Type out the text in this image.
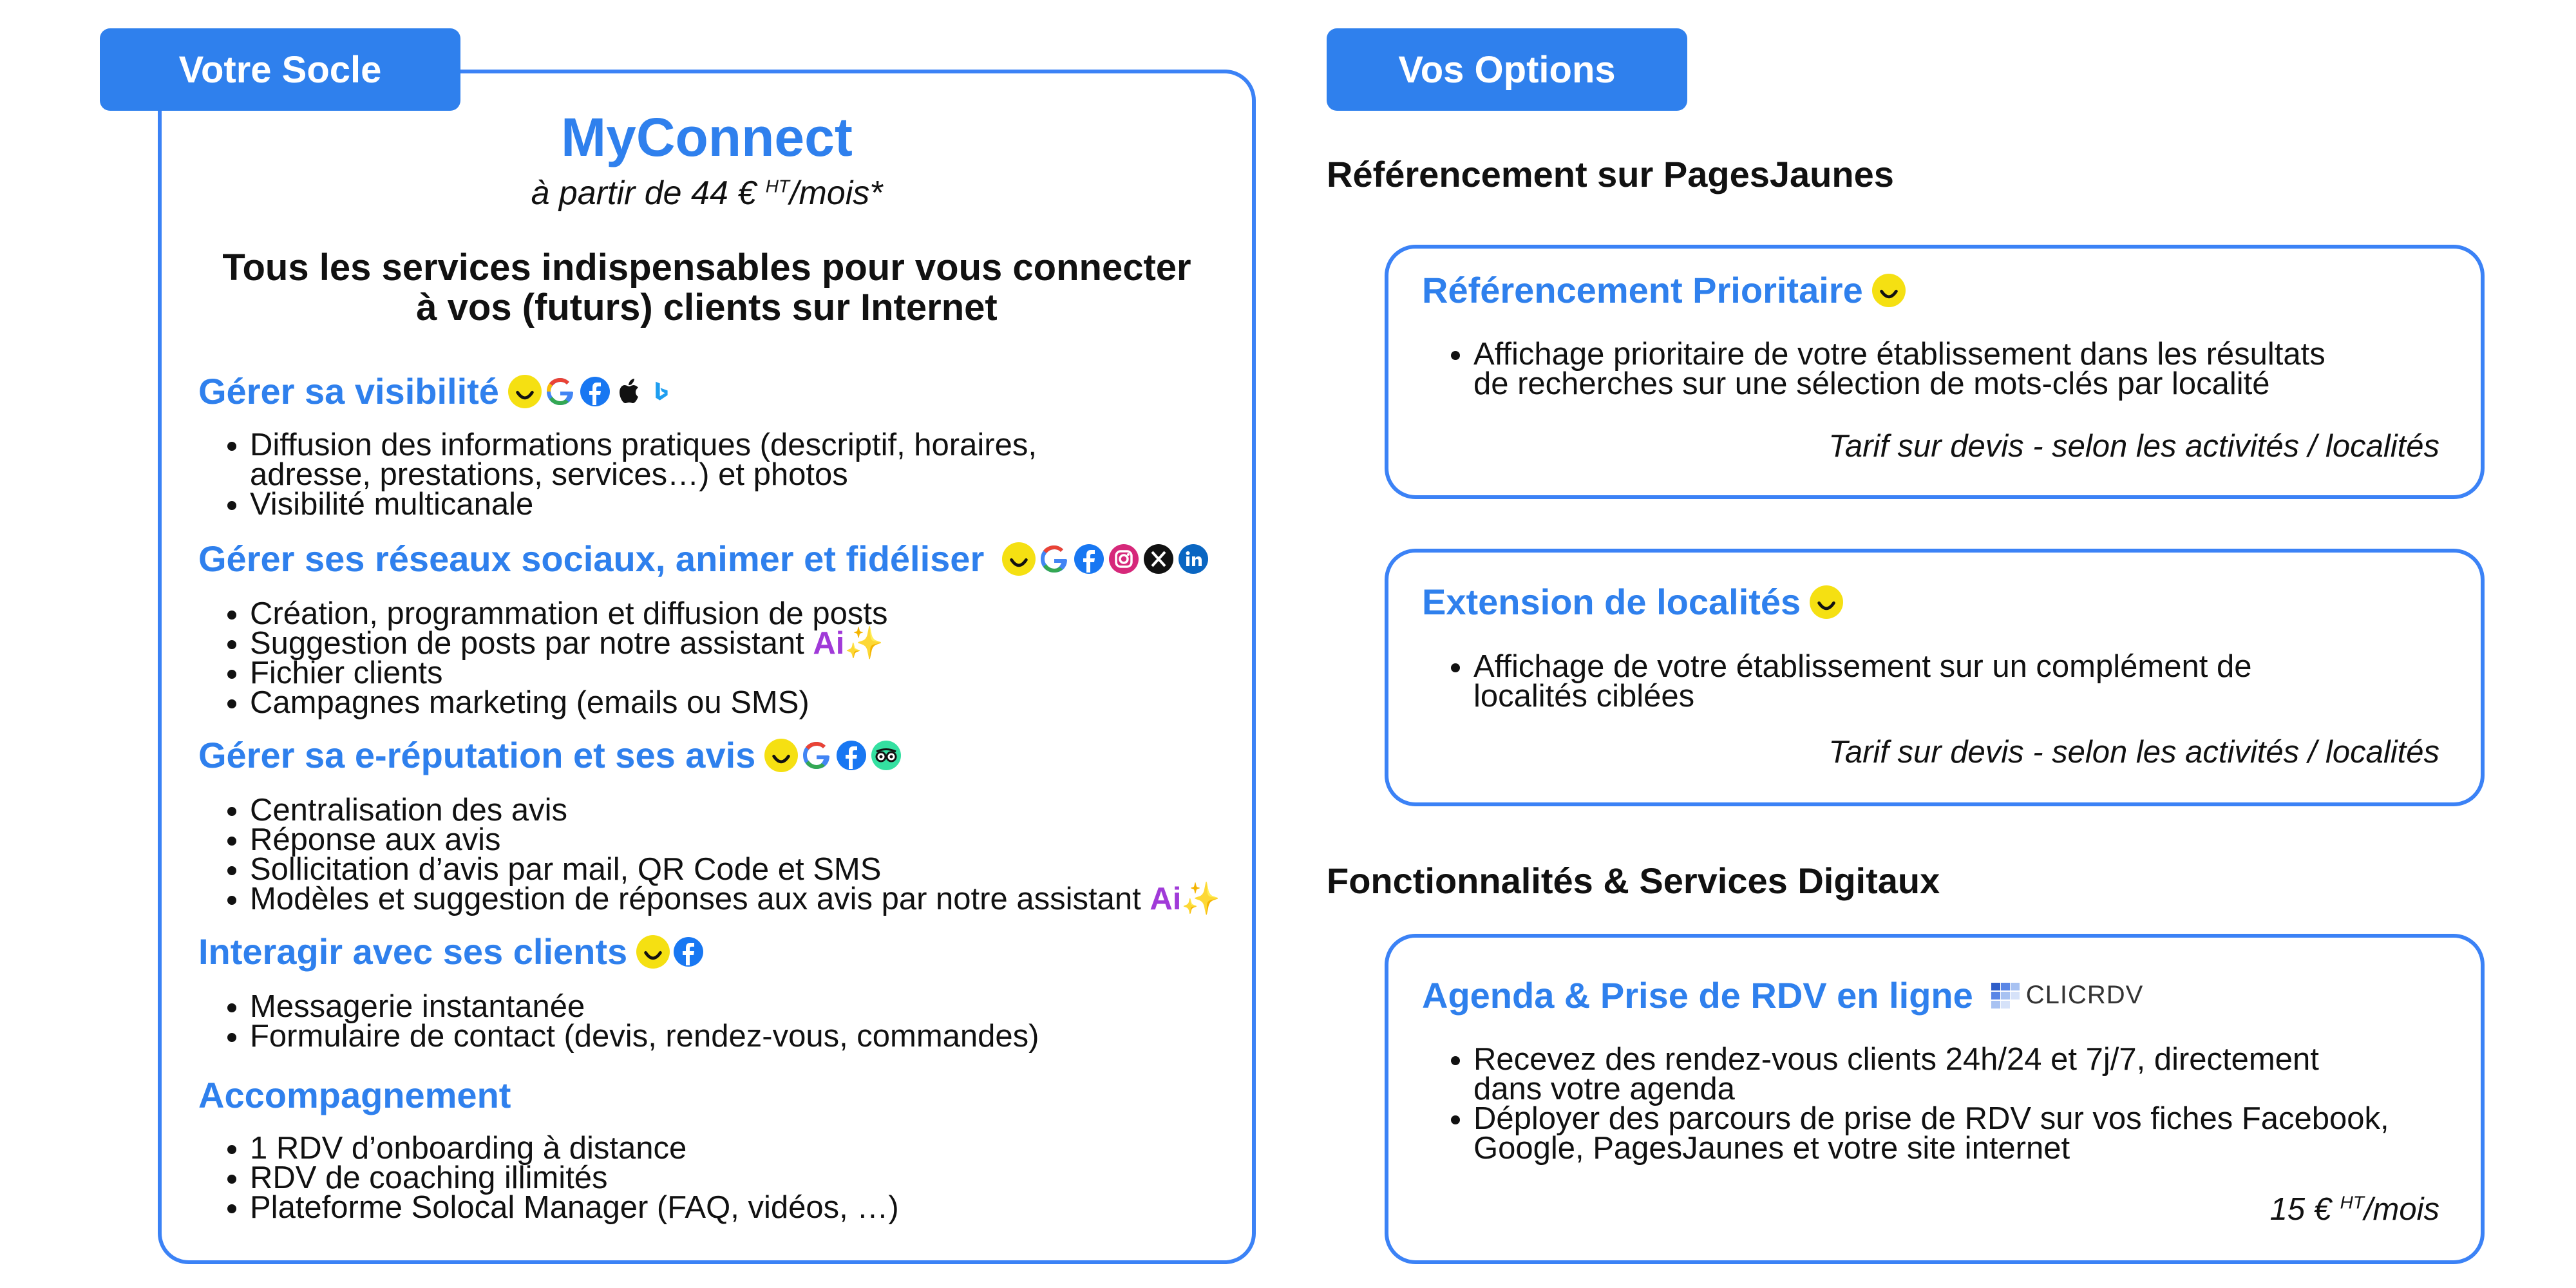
Votre Socle
MyConnect
à partir de 44 € $^{HT}$/mois*
Tous les services indispensables pour vous connecter
à vos (futurs) clients sur Internet
Gérer sa visibilité
• Diffusion des informations pratiques (descriptif, horaires,
adresse, prestations, services…) et photos
• Visibilité multicanale
Gérer ses réseaux sociaux, animer et fidéliser
• Création, programmation et diffusion de posts
• Suggestion de posts par notre assistant Ai✨
• Fichier clients
• Campagnes marketing (emails ou SMS)
Gérer sa e-réputation et ses avis
• Centralisation des avis
• Réponse aux avis
• Sollicitation d’avis par mail, QR Code et SMS
• Modèles et suggestion de réponses aux avis par notre assistant Ai✨
Interagir avec ses clients
• Messagerie instantanée
• Formulaire de contact (devis, rendez-vous, commandes)
Accompagnement
• 1 RDV d’onboarding à distance
• RDV de coaching illimités
• Plateforme Solocal Manager (FAQ, vidéos, …)
Vos Options
Référencement sur PagesJaunes
Référencement Prioritaire
• Affichage prioritaire de votre établissement dans les résultats
de recherches sur une sélection de mots-clés par localité
Tarif sur devis - selon les activités / localités
Extension de localités
• Affichage de votre établissement sur un complément de
localités ciblées
Tarif sur devis - selon les activités / localités
Fonctionnalités & Services Digitaux
Agenda & Prise de RDV en ligne CLICRDV
• Recevez des rendez-vous clients 24h/24 et 7j/7, directement
dans votre agenda
• Déployer des parcours de prise de RDV sur vos fiches Facebook,
Google, PagesJaunes et votre site internet
15 € $^{HT}$/mois
